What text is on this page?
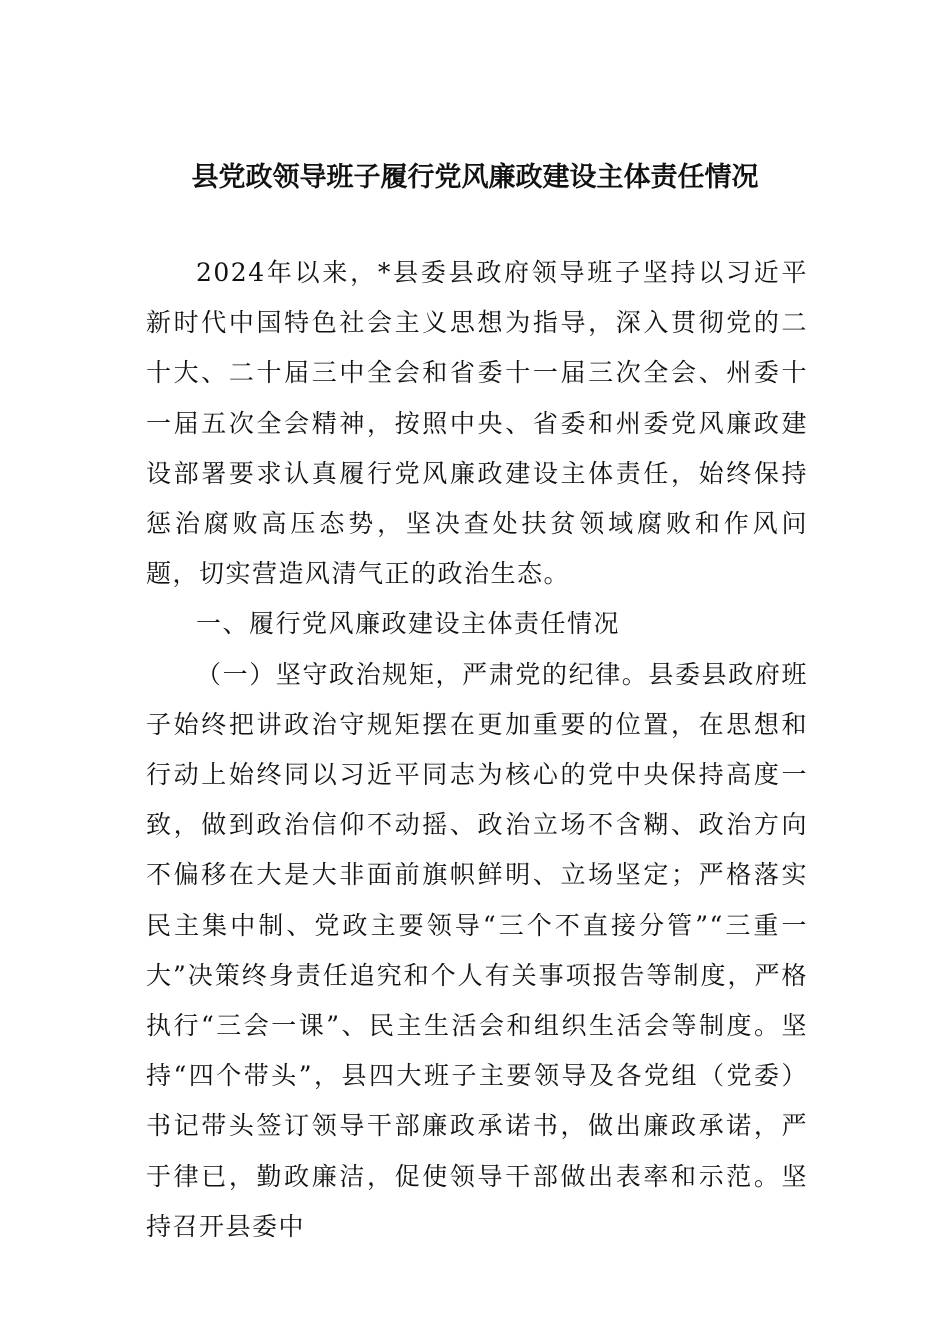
县党政领导班子履行党风廉政建设主体责任情况

2024年以来，*县委县政府领导班子坚持以习近平新时代中国特色社会主义思想为指导，深入贯彻党的二十大、二十届三中全会和省委十一届三次全会、州委十一届五次全会精神，按照中央、省委和州委党风廉政建设部署要求认真履行党风廉政建设主体责任，始终保持惩治腐败高压态势，坚决查处扶贫领域腐败和作风问题，切实营造风清气正的政治生态。

一、履行党风廉政建设主体责任情况

（一）坚守政治规矩，严肃党的纪律。县委县政府班子始终把讲政治守规矩摆在更加重要的位置，在思想和行动上始终同以习近平同志为核心的党中央保持高度一致，做到政治信仰不动摇、政治立场不含糊、政治方向不偏移在大是大非面前旗帜鲜明、立场坚定；严格落实民主集中制、党政主要领导“三个不直接分管”“三重一大”决策终身责任追究和个人有关事项报告等制度，严格执行“三会一课”、民主生活会和组织生活会等制度。坚持“四个带头”，县四大班子主要领导及各党组（党委）书记带头签订领导干部廉政承诺书，做出廉政承诺，严于律已，勤政廉洁，促使领导干部做出表率和示范。坚持召开县委中
